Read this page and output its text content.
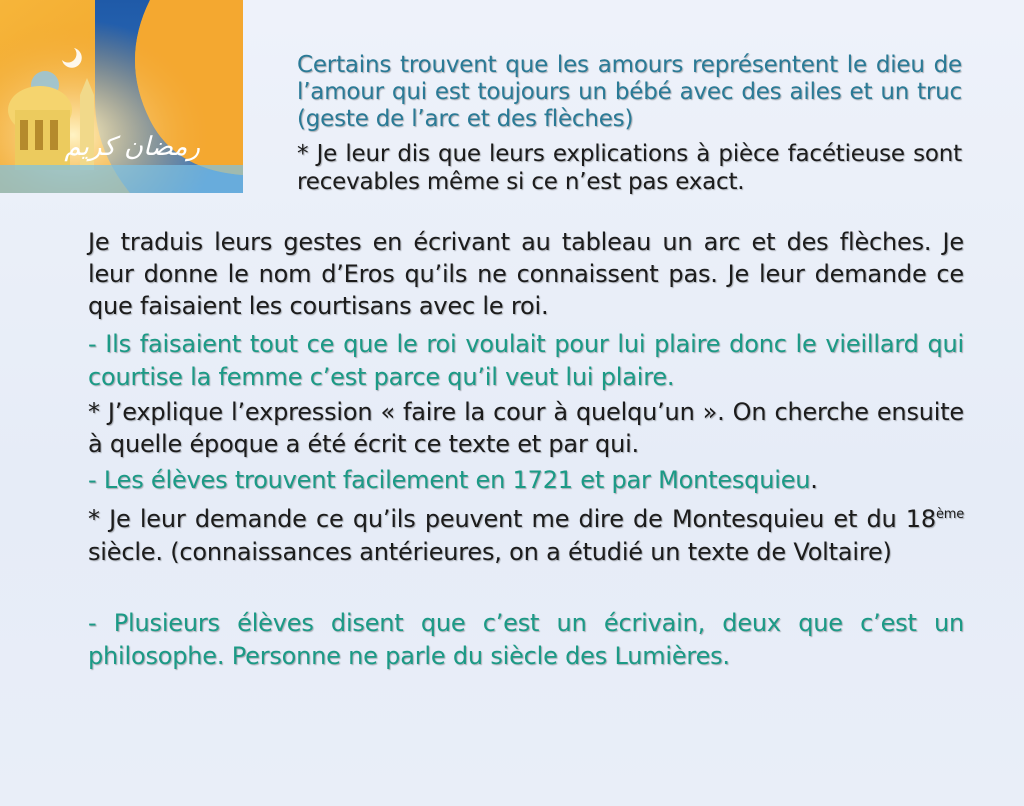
رمضان كريم

Certains trouvent que les amours représentent le dieu de l’amour qui est toujours un bébé avec des ailes et un truc (geste de l’arc et des flèches)

* Je leur dis que leurs explications à pièce facétieuse sont recevables même si ce n’est pas exact.

Je traduis leurs gestes en écrivant au tableau un arc et des flèches. Je leur donne le nom d’Eros qu’ils ne connaissent pas. Je leur demande ce que faisaient les courtisans avec le roi.

- Ils faisaient tout ce que le roi voulait pour lui plaire donc le vieillard qui courtise la femme c’est parce qu’il veut lui plaire.

* J’explique l’expression « faire la cour à quelqu’un ». On cherche ensuite à quelle époque a été écrit ce texte et par qui.

- Les élèves trouvent facilement en 1721 et par Montesquieu.

* Je leur demande ce qu’ils peuvent me dire de Montesquieu et du 18ème siècle. (connaissances antérieures, on a étudié un texte de Voltaire)

- Plusieurs élèves disent que c’est un écrivain, deux que c’est un philosophe. Personne ne parle du siècle des Lumières.
